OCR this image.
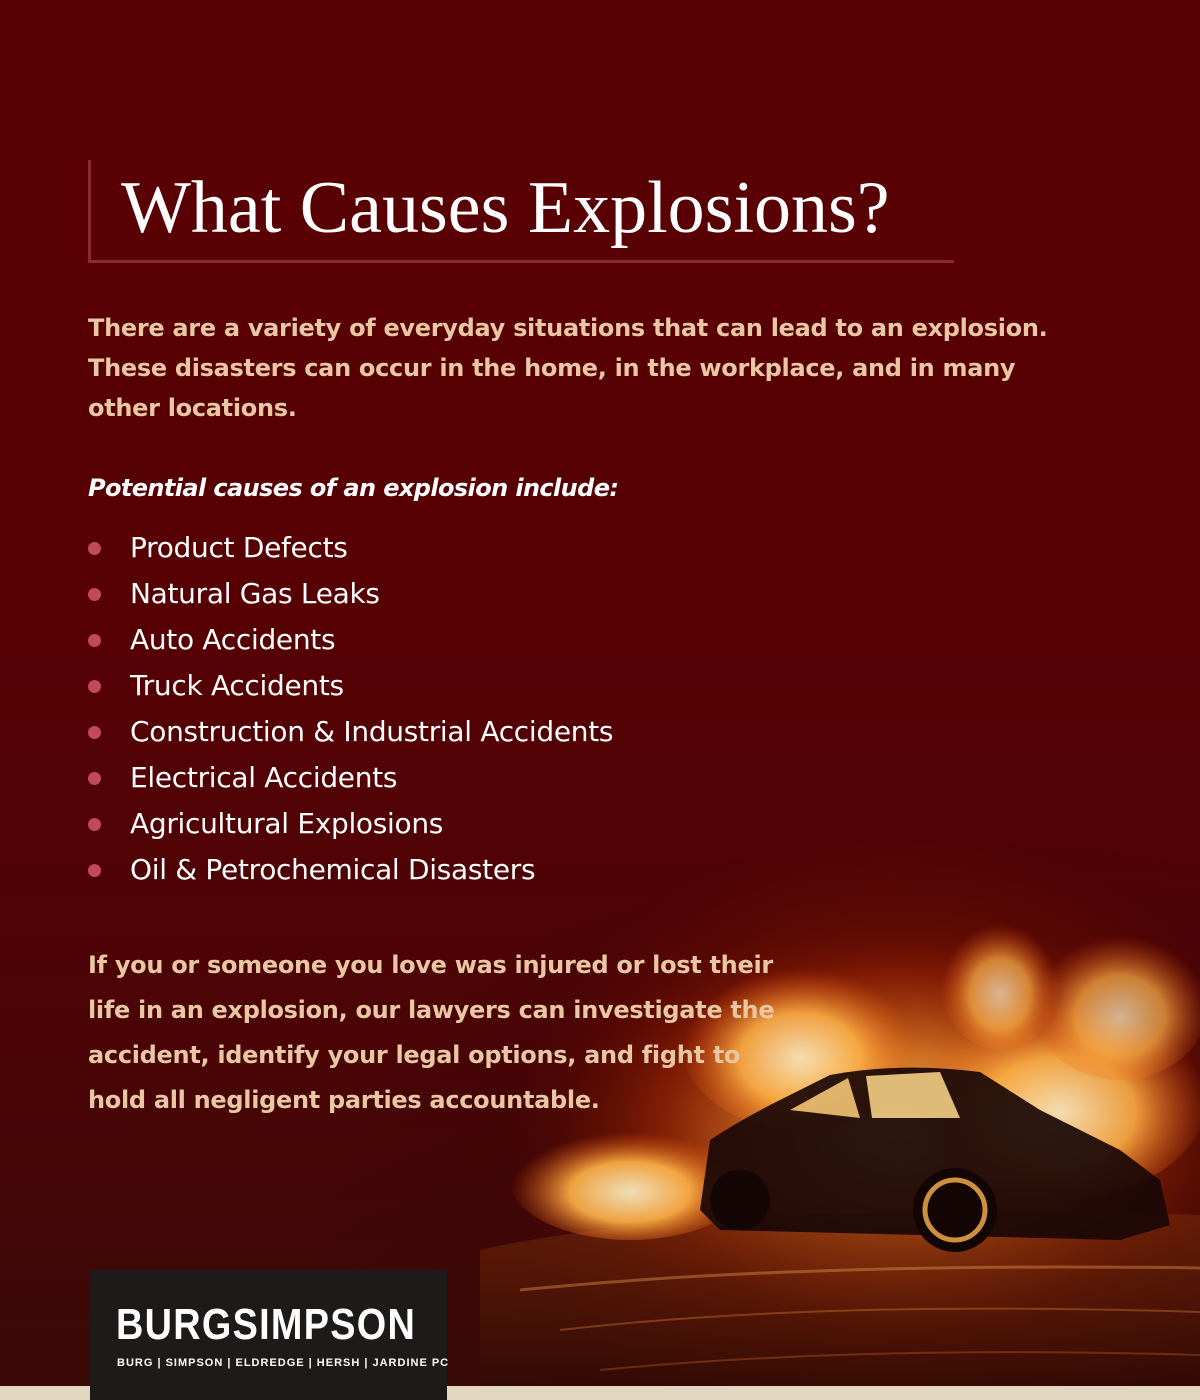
What Causes Explosions?

There are a variety of everyday situations that can lead to an explosion. These disasters can occur in the home, in the workplace, and in many other locations.

Potential causes of an explosion include:

Product Defects
Natural Gas Leaks
Auto Accidents
Truck Accidents
Construction & Industrial Accidents
Electrical Accidents
Agricultural Explosions
Oil & Petrochemical Disasters

If you or someone you love was injured or lost their life in an explosion, our lawyers can investigate the accident, identify your legal options, and fight to hold all negligent parties accountable.

BURGSIMPSON

BURG | SIMPSON | ELDREDGE | HERSH | JARDINE PC
